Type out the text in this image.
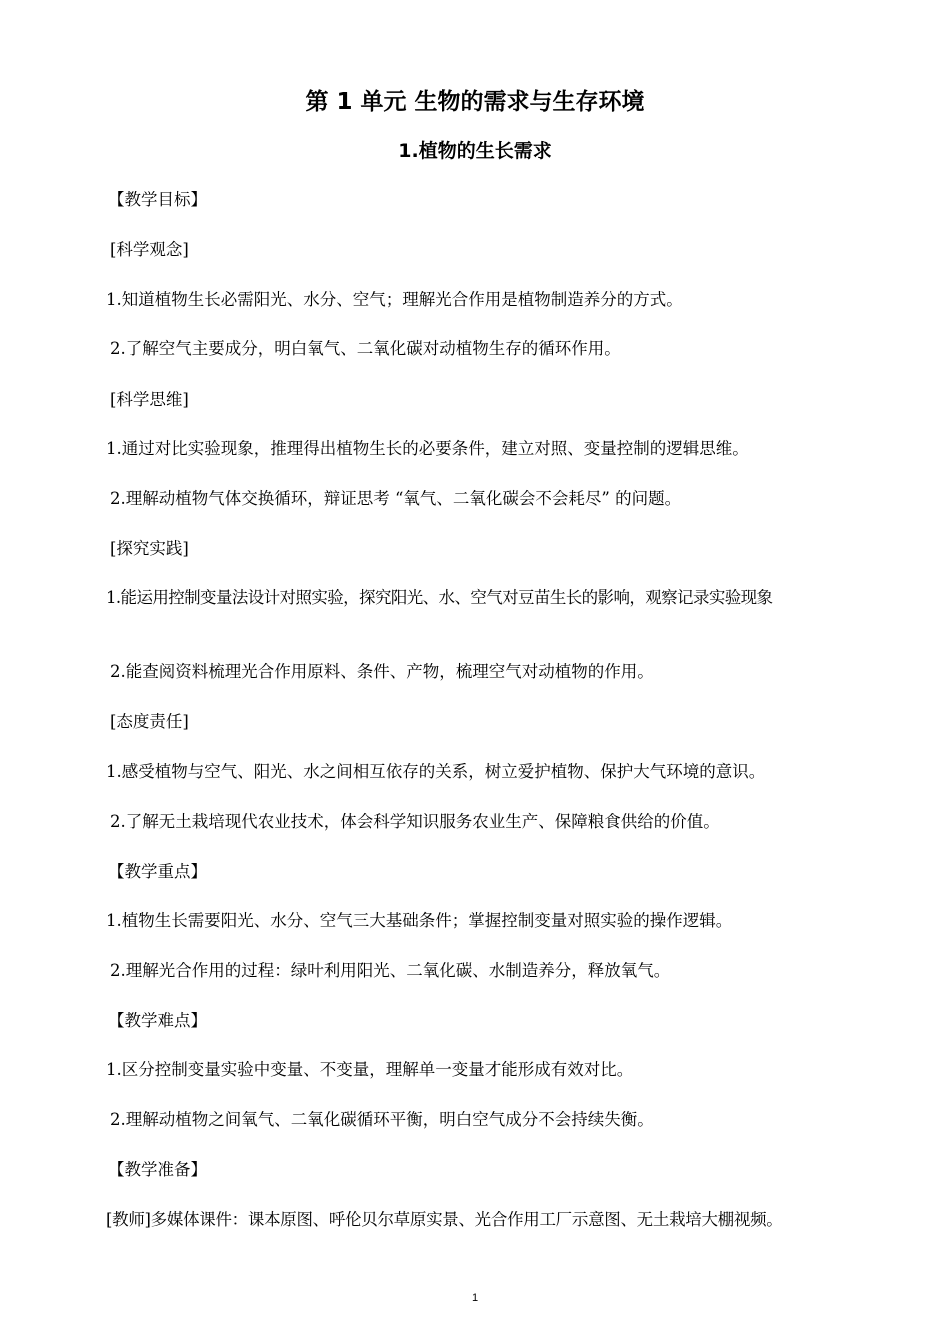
第 1 单元 生物的需求与生存环境
1.植物的生长需求
【教学目标】
[科学观念]
1.知道植物生长必需阳光、水分、空气；理解光合作用是植物制造养分的方式。
2.了解空气主要成分，明白氧气、二氧化碳对动植物生存的循环作用。
[科学思维]
1.通过对比实验现象，推理得出植物生长的必要条件，建立对照、变量控制的逻辑思维。
2.理解动植物气体交换循环，辩证思考 “氧气、二氧化碳会不会耗尽” 的问题。
[探究实践]
1.能运用控制变量法设计对照实验，探究阳光、水、空气对豆苗生长的影响，观察记录实验现象
2.能查阅资料梳理光合作用原料、条件、产物，梳理空气对动植物的作用。
[态度责任]
1.感受植物与空气、阳光、水之间相互依存的关系，树立爱护植物、保护大气环境的意识。
2.了解无土栽培现代农业技术，体会科学知识服务农业生产、保障粮食供给的价值。
【教学重点】
1.植物生长需要阳光、水分、空气三大基础条件；掌握控制变量对照实验的操作逻辑。
2.理解光合作用的过程：绿叶利用阳光、二氧化碳、水制造养分，释放氧气。
【教学难点】
1.区分控制变量实验中变量、不变量，理解单一变量才能形成有效对比。
2.理解动植物之间氧气、二氧化碳循环平衡，明白空气成分不会持续失衡。
【教学准备】
[教师]多媒体课件：课本原图、呼伦贝尔草原实景、光合作用工厂示意图、无土栽培大棚视频。
1
